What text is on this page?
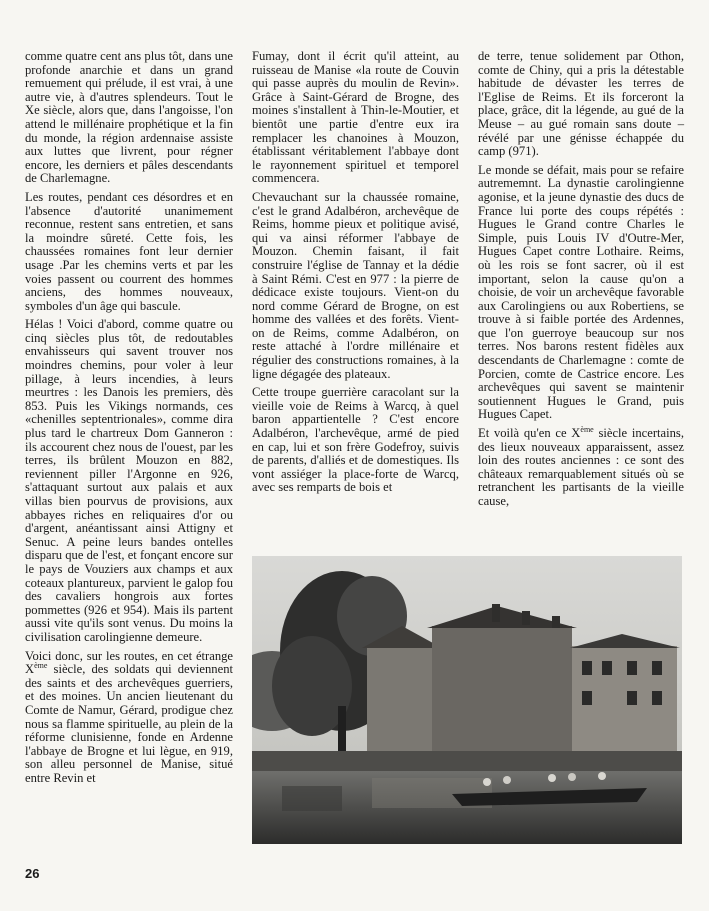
comme quatre cent ans plus tôt, dans une profonde anarchie et dans un grand remuement qui prélude, il est vrai, à une autre vie, à d'autres splendeurs. Tout le Xe siècle, alors que, dans l'angoisse, l'on attend le millénaire prophétique et la fin du monde, la région ardennaise assiste aux luttes que livrent, pour régner encore, les derniers et pâles descendants de Charlemagne.

Les routes, pendant ces désordres et en l'absence d'autorité unanimement reconnue, restent sans entretien, et sans la moindre sûreté. Cette fois, les chaussées romaines font leur dernier usage .Par les chemins verts et par les voies passent ou courrent des hommes anciens, des hommes nouveaux, symboles d'un âge qui bascule.

Hélas ! Voici d'abord, comme quatre ou cinq siècles plus tôt, de redoutables envahisseurs qui savent trouver nos moindres chemins, pour voler à leur pillage, à leurs incendies, à leurs meurtres : les Danois les premiers, dès 853. Puis les Vikings normands, ces «chenilles septentrionales», comme dira plus tard le chartreux Dom Ganneron : ils accourent chez nous de l'ouest, par les terres, ils brûlent Mouzon en 882, reviennent piller l'Argonne en 926, s'attaquant surtout aux palais et aux villas bien pourvus de provisions, aux abbayes riches en reliquaires d'or ou d'argent, anéantissant ainsi Attigny et Senuc. A peine leurs bandes ontelles disparu que de l'est, et fonçant encore sur le pays de Vouziers aux champs et aux coteaux plantureux, parvient le galop fou des cavaliers hongrois aux fortes pommettes (926 et 954). Mais ils partent aussi vite qu'ils sont venus. Du moins la civilisation carolingienne demeure.

Voici donc, sur les routes, en cet étrange Xème siècle, des soldats qui deviennent des saints et des archevêques guerriers, et des moines. Un ancien lieutenant du Comte de Namur, Gérard, prodigue chez nous sa flamme spirituelle, au plein de la réforme clunisienne, fonde en Ardenne l'abbaye de Brogne et lui lègue, en 919, son alleu personnel de Manise, situé entre Revin et

Fumay, dont il écrit qu'il atteint, au ruisseau de Manise «la route de Couvin qui passe auprès du moulin de Revin». Grâce à Saint-Gérard de Brogne, des moines s'installent à Thin-le-Moutier, et bientôt une partie d'entre eux ira remplacer les chanoines à Mouzon, établissant véritablement l'abbaye dont le rayonnement spirituel et temporel commencera.

Chevauchant sur la chaussée romaine, c'est le grand Adalbéron, archevêque de Reims, homme pieux et politique avisé, qui va ainsi réformer l'abbaye de Mouzon. Chemin faisant, il fait construire l'église de Tannay et la dédie à Saint Rémi. C'est en 977 : la pierre de dédicace existe toujours. Vient-on du nord comme Gérard de Brogne, on est homme des vallées et des forêts. Vient-on de Reims, comme Adalbéron, on reste attaché à l'ordre millénaire et régulier des constructions romaines, à la ligne dégagée des plateaux.

Cette troupe guerrière caracolant sur la vieille voie de Reims à Warcq, à quel baron appartientelle ? C'est encore Adalbéron, l'archevêque, armé de pied en cap, lui et son frère Godefroy, suivis de parents, d'alliés et de domestiques. Ils vont assiéger la place-forte de Warcq, avec ses remparts de bois et

de terre, tenue solidement par Othon, comte de Chiny, qui a pris la détestable habitude de dévaster les terres de l'Eglise de Reims. Et ils forceront la place, grâce, dit la légende, au gué de la Meuse – au gué romain sans doute – révélé par une génisse échappée du camp (971).

Le monde se défait, mais pour se refaire autrememnt. La dynastie carolingienne agonise, et la jeune dynastie des ducs de France lui porte des coups répétés : Hugues le Grand contre Charles le Simple, puis Louis IV d'Outre-Mer, Hugues Capet contre Lothaire. Reims, où les rois se font sacrer, où il est important, selon la cause qu'on a choisie, de voir un archevêque favorable aux Carolingiens ou aux Robertiens, se trouve à si faible portée des Ardennes, que l'on guerroye beaucoup sur nos terres. Nos barons restent fidèles aux descendants de Charlemagne : comte de Porcien, comte de Castrice encore. Les archevêques qui savent se maintenir soutiennent Hugues le Grand, puis Hugues Capet.

Et voilà qu'en ce Xème siècle incertains, des lieux nouveaux apparaissent, assez loin des routes anciennes : ce sont des châteaux remarquablement situés où se retranchent les partisants de la vieille cause,

26
